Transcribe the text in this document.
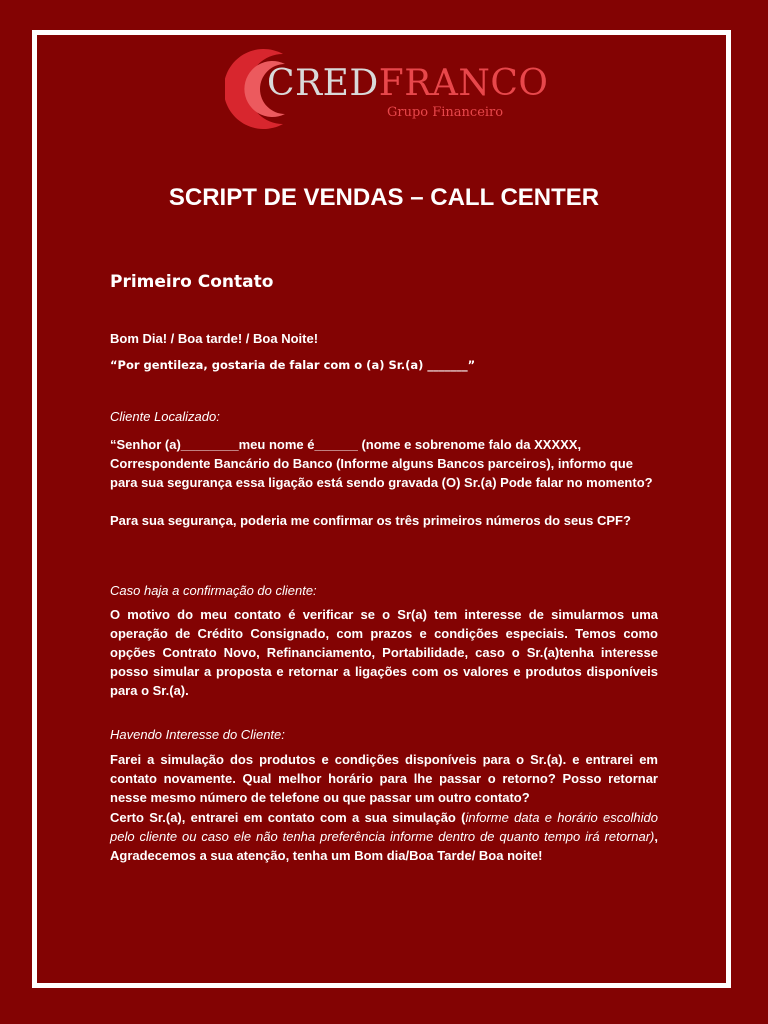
CREDFRANCO
Grupo Financeiro
SCRIPT DE VENDAS – CALL CENTER
Primeiro Contato
Bom Dia! / Boa tarde! / Boa Noite!
“Por gentileza, gostaria de falar com o (a) Sr.(a) _______”
Cliente Localizado:
“Senhor (a)________meu nome é______ (nome e sobrenome falo da XXXXX, Correspondente Bancário do Banco (Informe alguns Bancos parceiros), informo que para sua segurança essa ligação está sendo gravada (O) Sr.(a) Pode falar no momento?
Para sua segurança, poderia me confirmar os três primeiros números do seus CPF?
Caso haja a confirmação do cliente:
O motivo do meu contato é verificar se o Sr(a) tem interesse de simularmos uma operação de Crédito Consignado, com prazos e condições especiais. Temos como opções Contrato Novo, Refinanciamento, Portabilidade, caso o Sr.(a)tenha interesse posso simular a proposta e retornar a ligações com os valores e produtos disponíveis para o Sr.(a).
Havendo Interesse do Cliente:
Farei a simulação dos produtos e condições disponíveis para o Sr.(a). e entrarei em contato novamente. Qual melhor horário para lhe passar o retorno? Posso retornar nesse mesmo número de telefone ou que passar um outro contato?
Certo Sr.(a), entrarei em contato com a sua simulação (informe data e horário escolhido pelo cliente ou caso ele não tenha preferência informe dentro de quanto tempo irá retornar), Agradecemos a sua atenção, tenha um Bom dia/Boa Tarde/ Boa noite!
